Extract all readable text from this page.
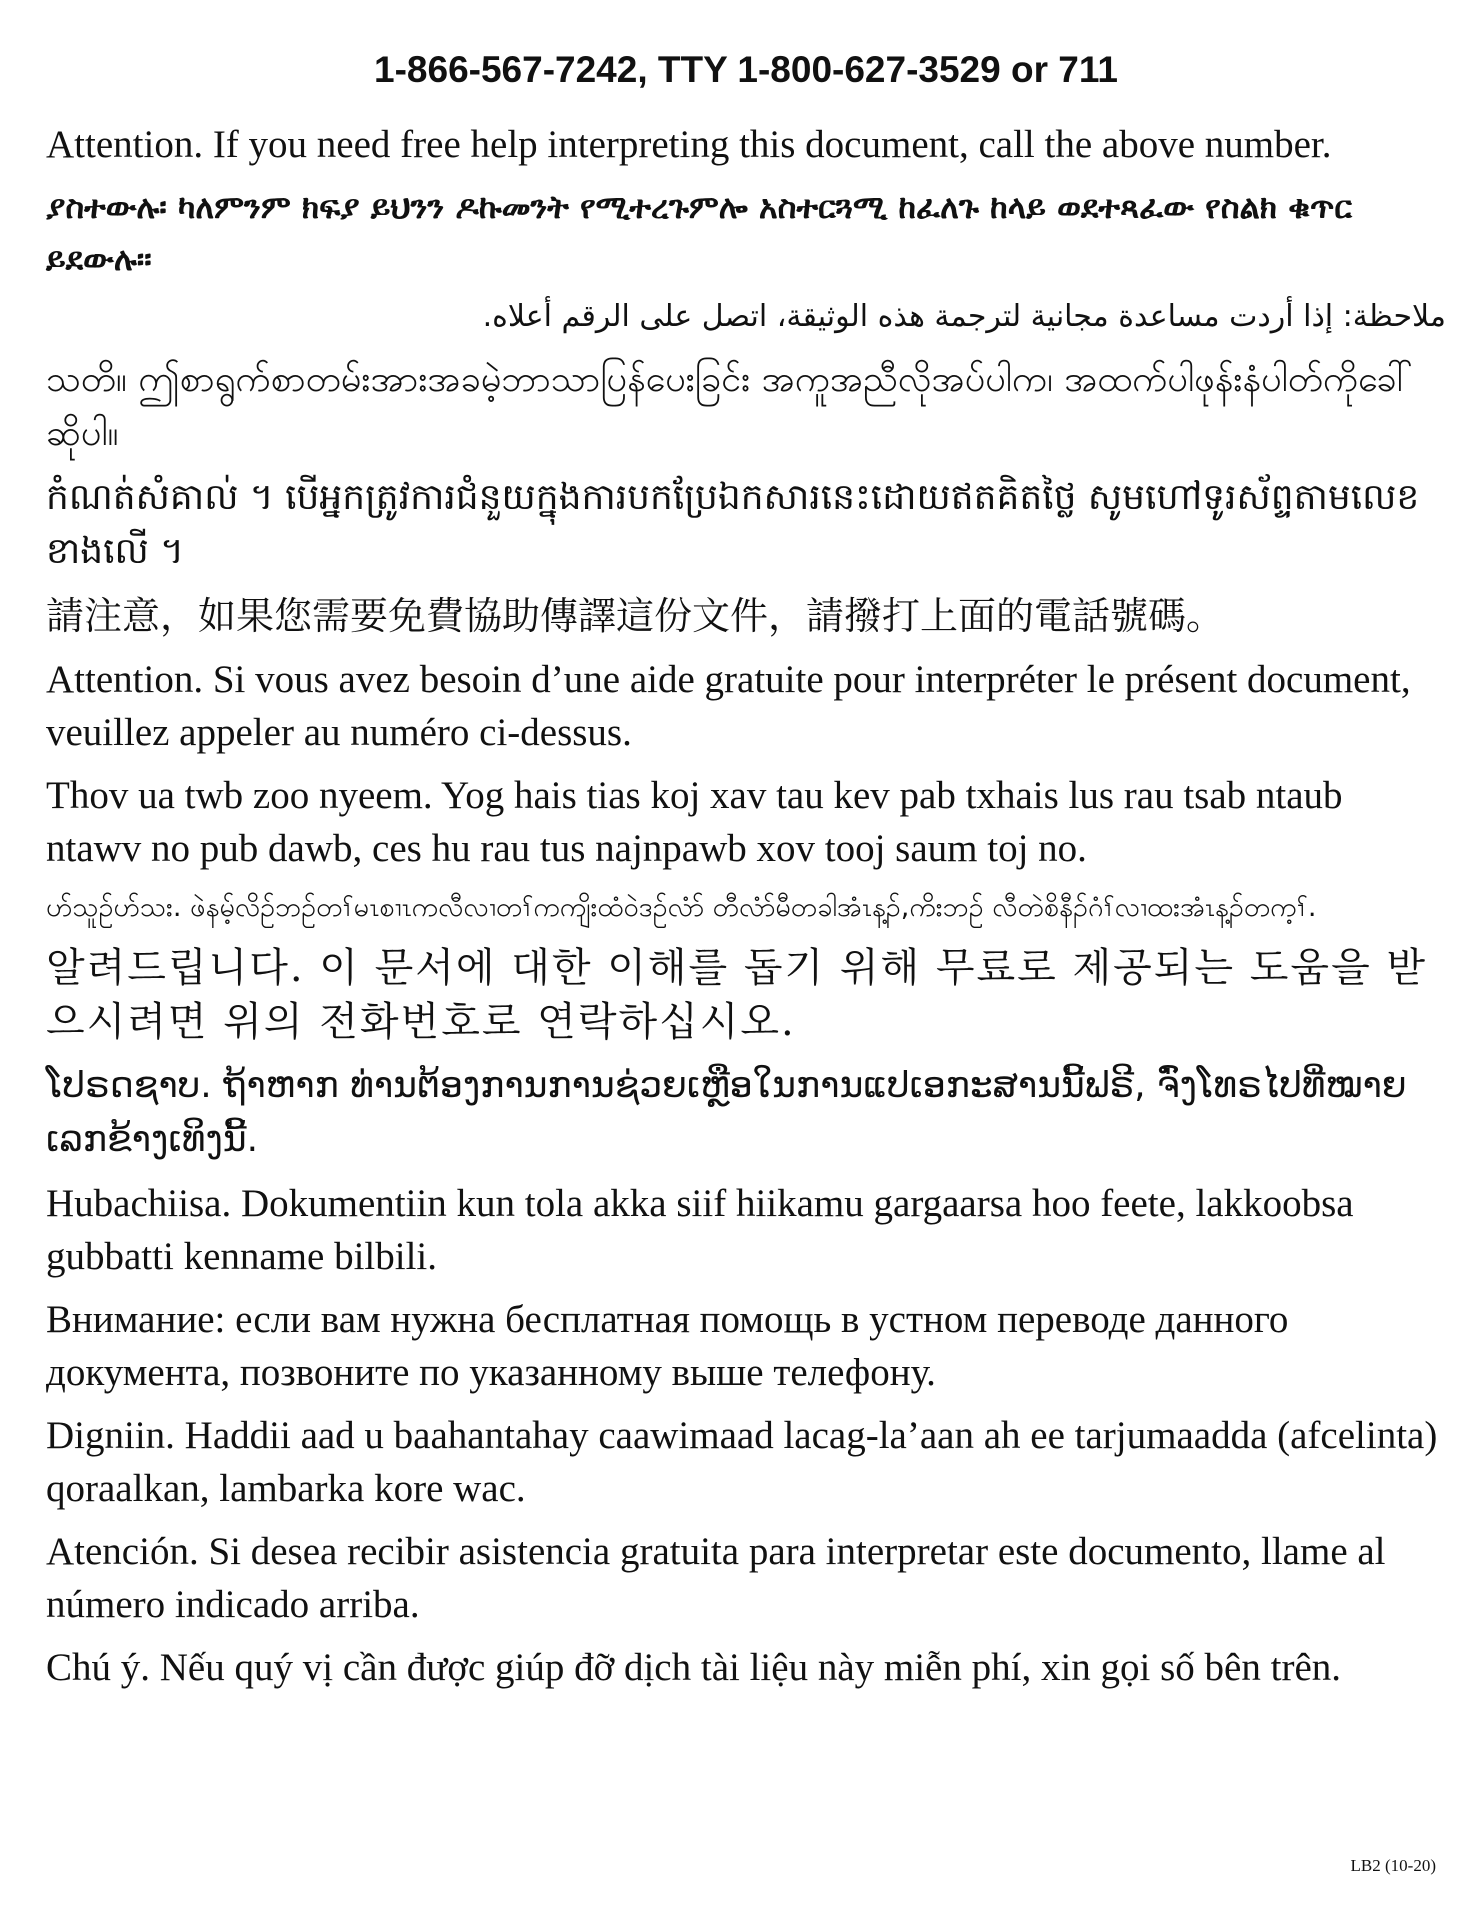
1-866-567-7242, TTY 1-800-627-3529 or 711

Attention. If you need free help interpreting this document, call the above number.

ያስተውሉ፡ ካለምንም ክፍያ ይህንን ዶኩመንት የሚተረጉምሎ አስተርጓሚ ከፈለጉ ከላይ ወደተጻፈው የስልክ ቁጥር ይደውሉ።

ملاحظة: إذا أردت مساعدة مجانية لترجمة هذه الوثيقة، اتصل على الرقم أعلاه.

သတိ။ ဤစာရွက်စာတမ်းအားအခမဲ့ဘာသာပြန်ပေးခြင်း အကူအညီလိုအပ်ပါက၊ အထက်ပါဖုန်းနံပါတ်ကိုခေါ်ဆိုပါ။

កំណត់សំគាល់ ។ បើអ្នកត្រូវការជំនួយក្នុងការបកប្រែឯកសារនេះដោយឥតគិតថ្លៃ សូមហៅទូរស័ព្ទតាមលេខខាងលើ ។

請注意，如果您需要免費協助傳譯這份文件，請撥打上面的電話號碼。

Attention. Si vous avez besoin d’une aide gratuite pour interpréter le présent document, veuillez appeler au numéro ci-dessus.

Thov ua twb zoo nyeem. Yog hais tias koj xav tau kev pab txhais lus rau tsab ntaub ntawv no pub dawb, ces hu rau tus najnpawb xov tooj saum toj no.

ဟ်သူဉ်ဟ်သး. ဖဲနမ့်လိဉ်ဘဉ်တၢ်မၤစၢၤကလီလၢတၢ်ကကျိးထံဝဲဒဉ်လံာ် တီလံာ်မီတခါအံၤန့ၣ်,ကိးဘဉ် လီတဲစိနီၣ်ဂံၢ်လၢထးအံၤန့ၣ်တက့ၢ်.

알려드립니다. 이 문서에 대한 이해를 돕기 위해 무료로 제공되는 도움을 받으시려면 위의 전화번호로 연락하십시오.

ໂປຣດຊາບ. ຖ້າຫາກ ທ່ານຕ້ອງການການຊ່ວຍເຫຼືອໃນການແປເອກະສານນີ້ຟຣີ, ຈົ່ງໂທຣໄປທີ່ໝາຍເລກຂ້າງເທິງນີ້.

Hubachiisa. Dokumentiin kun tola akka siif hiikamu gargaarsa hoo feete, lakkoobsa gubbatti kenname bilbili.

Внимание: если вам нужна бесплатная помощь в устном переводе данного документа, позвоните по указанному выше телефону.

Digniin. Haddii aad u baahantahay caawimaad lacag-la’aan ah ee tarjumaadda (afcelinta) qoraalkan, lambarka kore wac.

Atención. Si desea recibir asistencia gratuita para interpretar este documento, llame al número indicado arriba.

Chú ý. Nếu quý vị cần được giúp đỡ dịch tài liệu này miễn phí, xin gọi số bên trên.

LB2 (10-20)
